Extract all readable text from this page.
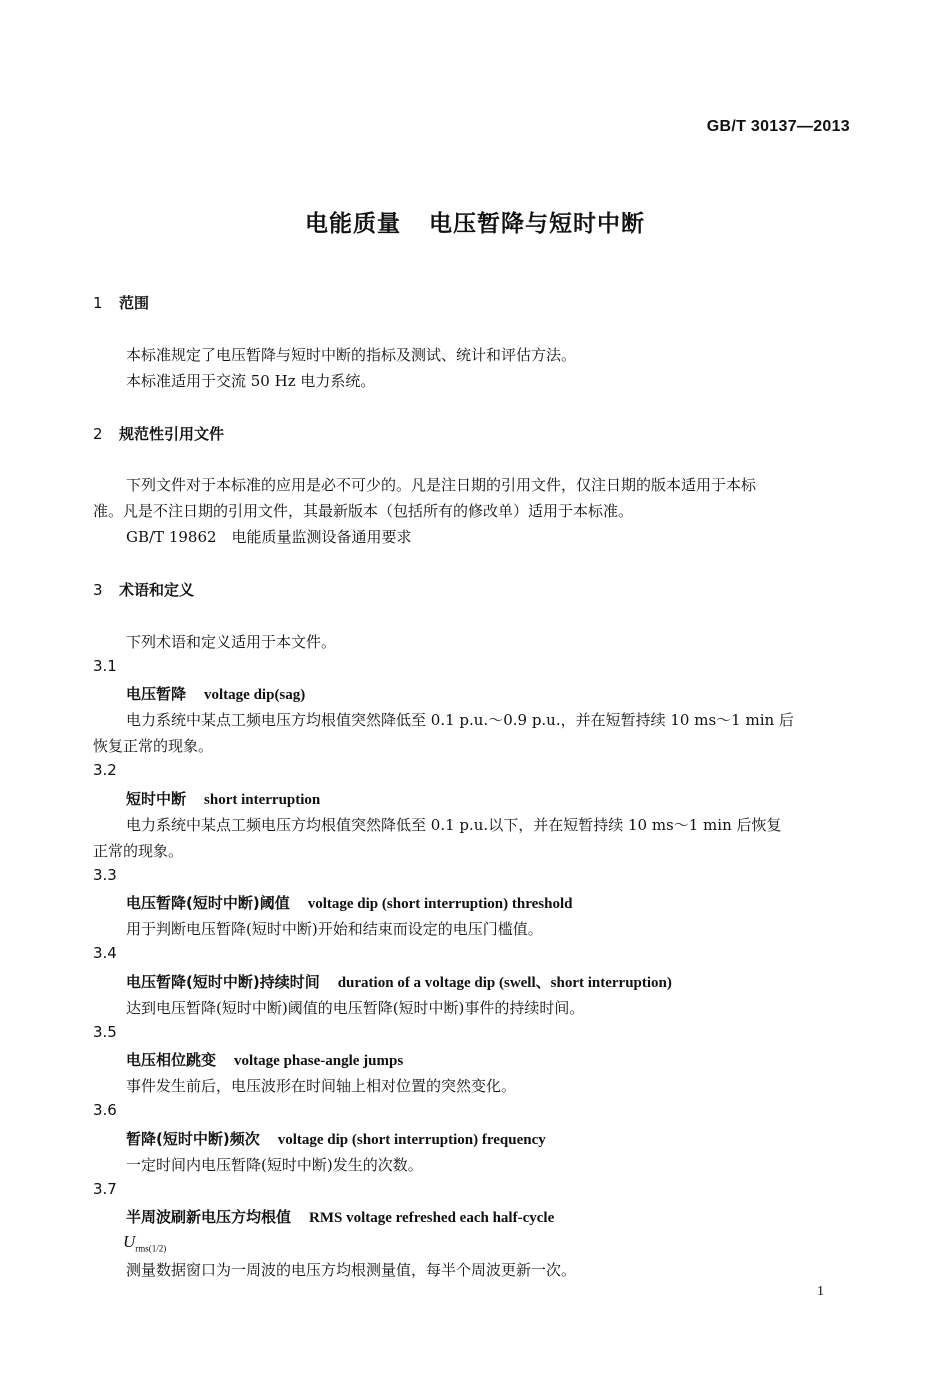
GB/T 30137—2013
电能质量 电压暂降与短时中断
1 范围
本标准规定了电压暂降与短时中断的指标及测试、统计和评估方法。
本标准适用于交流 50 Hz 电力系统。
2 规范性引用文件
下列文件对于本标准的应用是必不可少的。凡是注日期的引用文件，仅注日期的版本适用于本标
准。凡是不注日期的引用文件，其最新版本（包括所有的修改单）适用于本标准。
GB/T 19862　电能质量监测设备通用要求
3 术语和定义
下列术语和定义适用于本文件。
3.1
电压暂降 voltage dip(sag)
电力系统中某点工频电压方均根值突然降低至 0.1 p.u.～0.9 p.u.，并在短暂持续 10 ms～1 min 后
恢复正常的现象。
3.2
短时中断 short interruption
电力系统中某点工频电压方均根值突然降低至 0.1 p.u.以下，并在短暂持续 10 ms～1 min 后恢复
正常的现象。
3.3
电压暂降(短时中断)阈值 voltage dip (short interruption) threshold
用于判断电压暂降(短时中断)开始和结束而设定的电压门槛值。
3.4
电压暂降(短时中断)持续时间 duration of a voltage dip (swell、short interruption)
达到电压暂降(短时中断)阈值的电压暂降(短时中断)事件的持续时间。
3.5
电压相位跳变 voltage phase-angle jumps
事件发生前后，电压波形在时间轴上相对位置的突然变化。
3.6
暂降(短时中断)频次 voltage dip (short interruption) frequency
一定时间内电压暂降(短时中断)发生的次数。
3.7
半周波刷新电压方均根值 RMS voltage refreshed each half-cycle
$U_{rms(1/2)}$
测量数据窗口为一周波的电压方均根测量值，每半个周波更新一次。
1
